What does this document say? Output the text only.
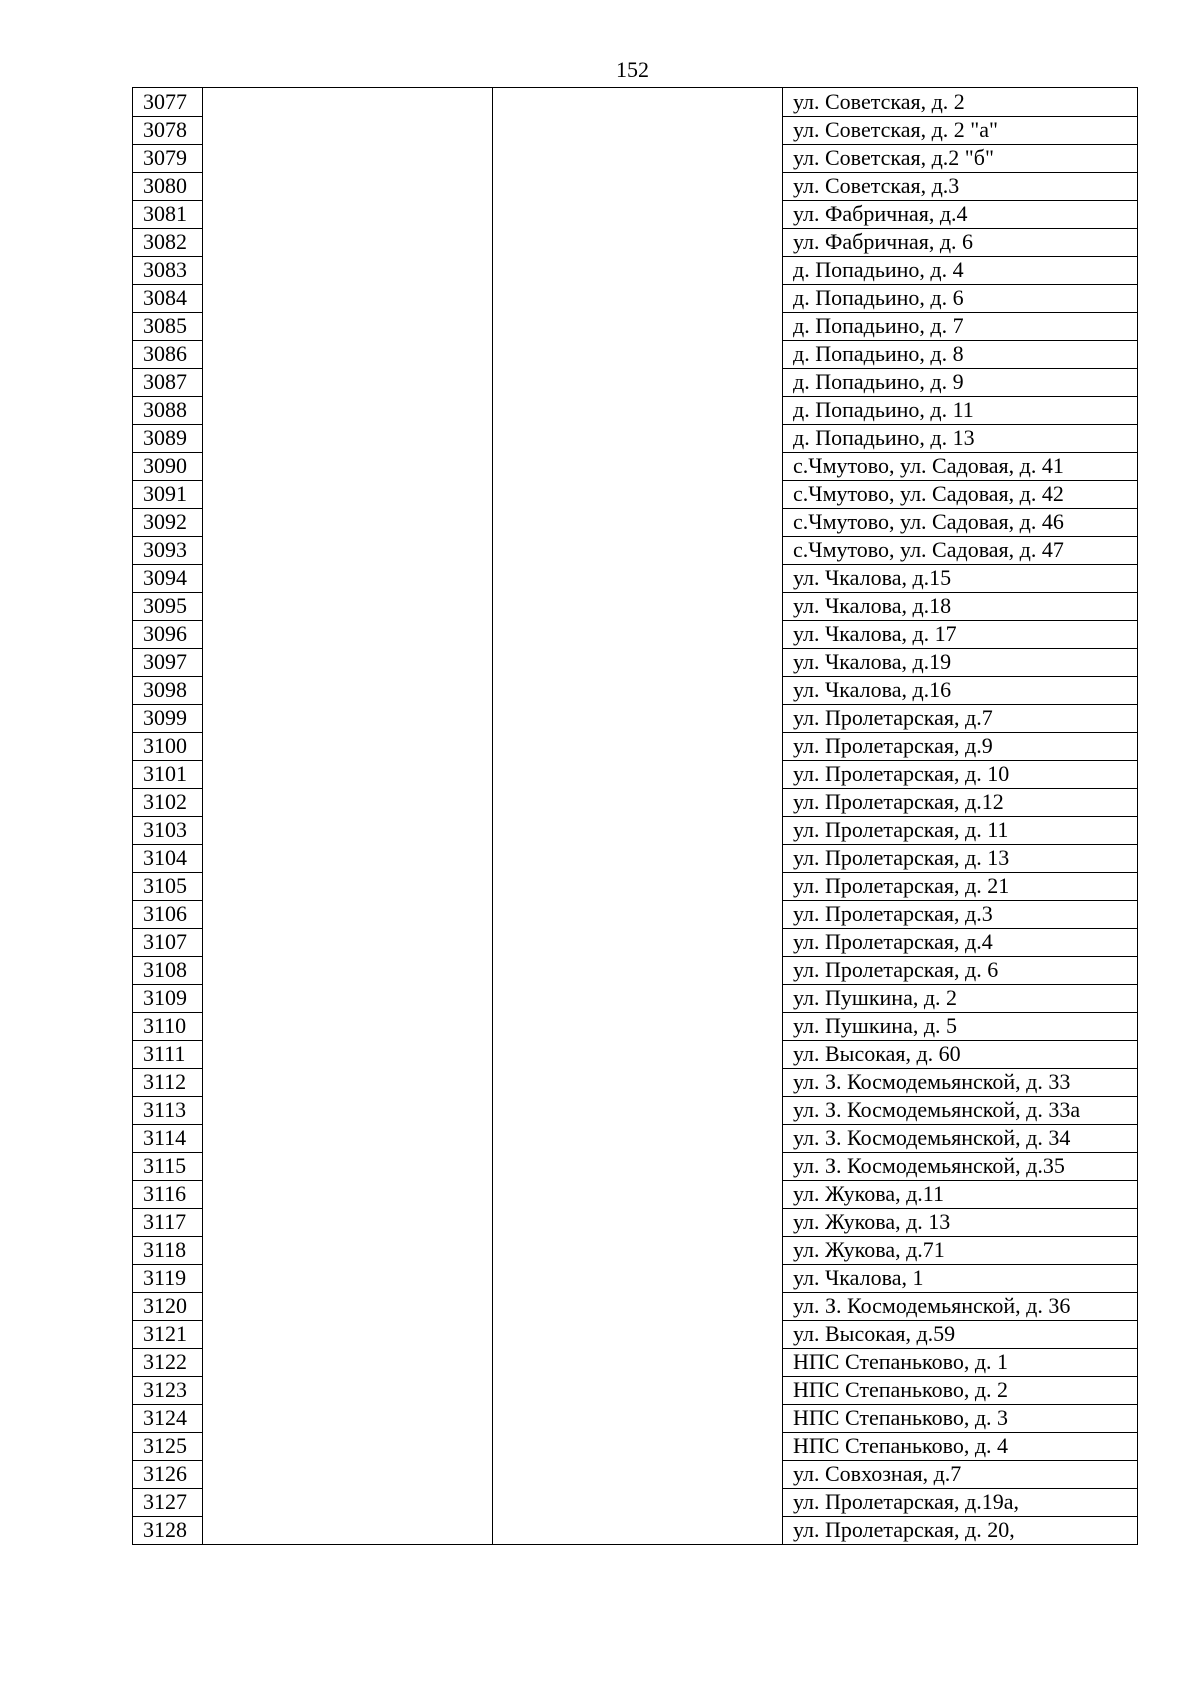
152
3077			ул. Советская, д. 2
3078			ул. Советская, д. 2 "а"
3079			ул. Советская, д.2 "б"
3080			ул. Советская, д.3
3081			ул. Фабричная, д.4
3082			ул. Фабричная, д. 6
3083			д. Попадьино, д. 4
3084			д. Попадьино, д. 6
3085			д. Попадьино, д. 7
3086			д. Попадьино, д. 8
3087			д. Попадьино, д. 9
3088			д. Попадьино, д. 11
3089			д. Попадьино, д. 13
3090			с.Чмутово, ул. Садовая, д. 41
3091			с.Чмутово, ул. Садовая, д. 42
3092			с.Чмутово, ул. Садовая, д. 46
3093			с.Чмутово, ул. Садовая, д. 47
3094			ул. Чкалова, д.15
3095			ул. Чкалова, д.18
3096			ул. Чкалова, д. 17
3097			ул. Чкалова, д.19
3098			ул. Чкалова, д.16
3099			ул. Пролетарская, д.7
3100			ул. Пролетарская, д.9
3101			ул. Пролетарская, д. 10
3102			ул. Пролетарская, д.12
3103			ул. Пролетарская, д. 11
3104			ул. Пролетарская, д. 13
3105			ул. Пролетарская, д. 21
3106			ул. Пролетарская, д.3
3107			ул. Пролетарская, д.4
3108			ул. Пролетарская, д. 6
3109			ул. Пушкина, д. 2
3110			ул. Пушкина, д. 5
3111			ул. Высокая, д. 60
3112			ул. З. Космодемьянской, д. 33
3113			ул. З. Космодемьянской, д. 33а
3114			ул. З. Космодемьянской, д. 34
3115			ул. З. Космодемьянской, д.35
3116			ул. Жукова, д.11
3117			ул. Жукова, д. 13
3118			ул. Жукова, д.71
3119			ул. Чкалова, 1
3120			ул. З. Космодемьянской, д. 36
3121			ул. Высокая, д.59
3122			НПС Степаньково, д. 1
3123			НПС Степаньково, д. 2
3124			НПС Степаньково, д. 3
3125			НПС Степаньково, д. 4
3126			ул. Совхозная, д.7
3127			ул. Пролетарская, д.19а,
3128			ул. Пролетарская, д. 20,
